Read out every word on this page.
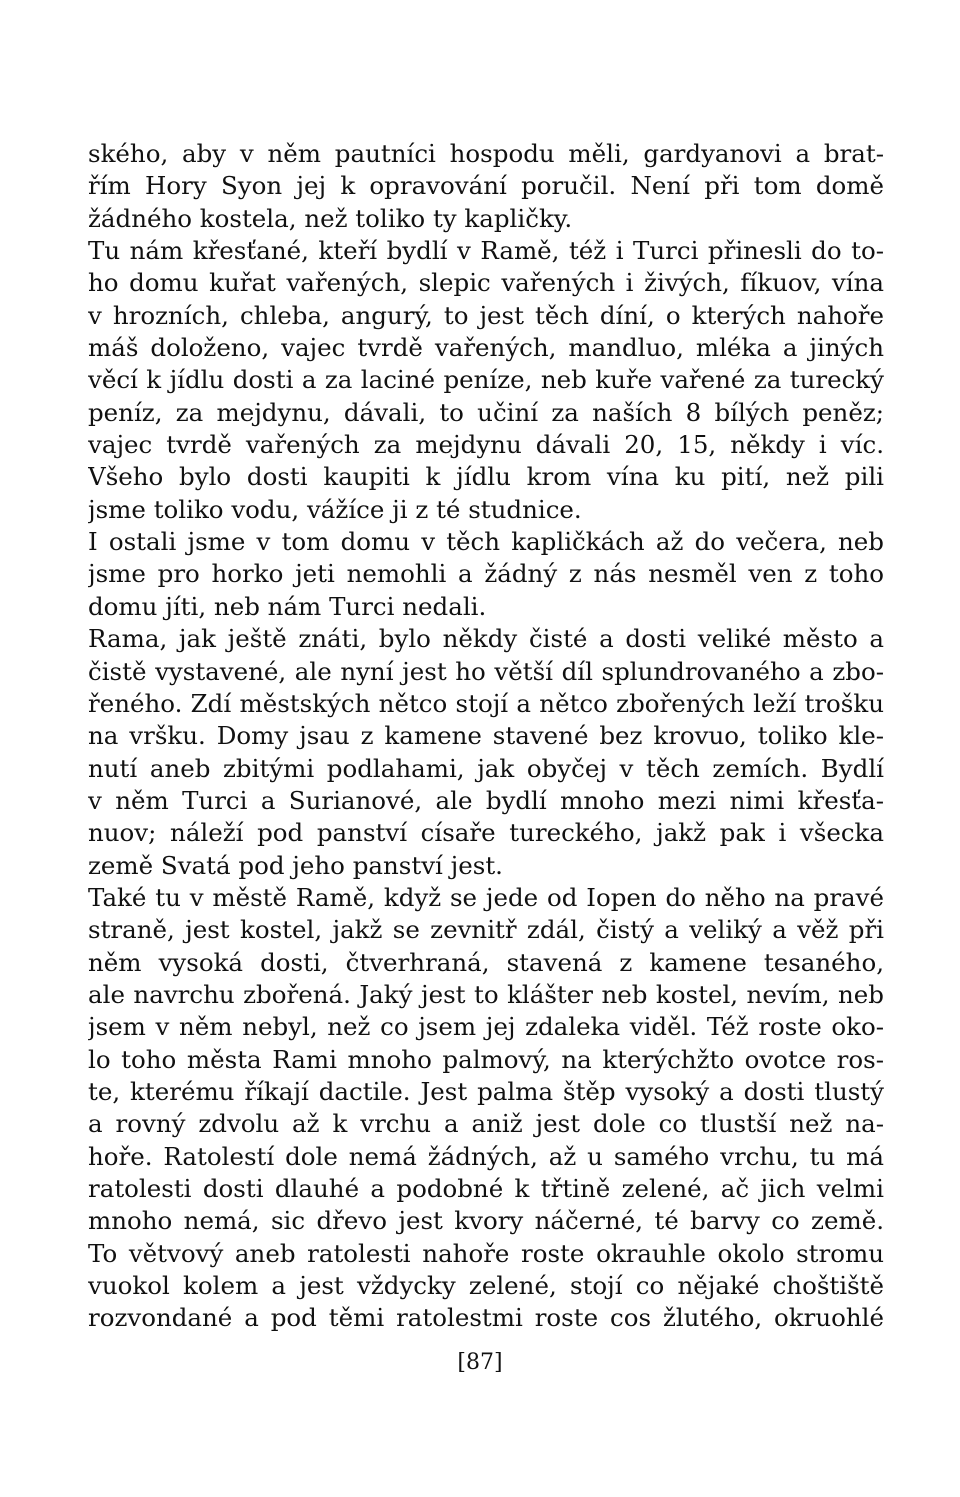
ského, aby v něm pautníci hospodu měli, gardyanovi a brat-
řím Hory Syon jej k opravování poručil. Není při tom domě
žádného kostela, než toliko ty kapličky.
Tu nám křesťané, kteří bydlí v Ramě, též i Turci přinesli do to-
ho domu kuřat vařených, slepic vařených i živých, fíkuov, vína
v hrozních, chleba, angurý, to jest těch díní, o kterých nahoře
máš doloženo, vajec tvrdě vařených, mandluo, mléka a jiných
věcí k jídlu dosti a za laciné peníze, neb kuře vařené za turecký
peníz, za mejdynu, dávali, to učiní za naších 8 bílých peněz;
vajec tvrdě vařených za mejdynu dávali 20, 15, někdy i víc.
Všeho bylo dosti kaupiti k jídlu krom vína ku pití, než pili
jsme toliko vodu, vážíce ji z té studnice.
I ostali jsme v tom domu v těch kapličkách až do večera, neb
jsme pro horko jeti nemohli a žádný z nás nesměl ven z toho
domu jíti, neb nám Turci nedali.
Rama, jak ještě znáti, bylo někdy čisté a dosti veliké město a
čistě vystavené, ale nyní jest ho větší díl splundrovaného a zbo-
řeného. Zdí městských nětco stojí a nětco zbořených leží trošku
na vršku. Domy jsau z kamene stavené bez krovuo, toliko kle-
nutí aneb zbitými podlahami, jak obyčej v těch zemích. Bydlí
v něm Turci a Surianové, ale bydlí mnoho mezi nimi křesťa-
nuov; náleží pod panství císaře tureckého, jakž pak i všecka
země Svatá pod jeho panství jest.
Také tu v městě Ramě, když se jede od Iopen do něho na pravé
straně, jest kostel, jakž se zevnitř zdál, čistý a veliký a věž při
něm vysoká dosti, čtverhraná, stavená z kamene tesaného,
ale navrchu zbořená. Jaký jest to klášter neb kostel, nevím, neb
jsem v něm nebyl, než co jsem jej zdaleka viděl. Též roste oko-
lo toho města Rami mnoho palmový, na kterýchžto ovotce ros-
te, kterému říkají dactile. Jest palma štěp vysoký a dosti tlustý
a rovný zdvolu až k vrchu a aniž jest dole co tlustší než na-
hoře. Ratolestí dole nemá žádných, až u samého vrchu, tu má
ratolesti dosti dlauhé a podobné k třtině zelené, ač jich velmi
mnoho nemá, sic dřevo jest kvory náčerné, té barvy co země.
To větvový aneb ratolesti nahoře roste okrauhle okolo stromu
vuokol kolem a jest vždycky zelené, stojí co nějaké choštiště
rozvondané a pod těmi ratolestmi roste cos žlutého, okruohlé
[87]
